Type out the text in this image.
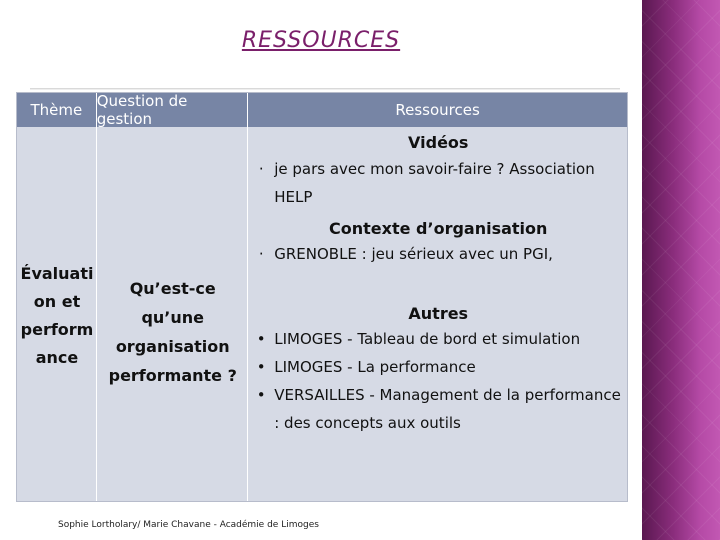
RESSOURCES
Thème Question de gestion	Ressources
Évaluati on et perform ance
Qu’est-ce qu’une organisation performante ?
Vidéos
· je pars avec mon savoir-faire ? Association HELP
Contexte d’organisation
· GRENOBLE : jeu sérieux avec un PGI,
Autres
• LIMOGES - Tableau de bord et simulation
• LIMOGES - La performance
• VERSAILLES - Management de la performance : des concepts aux outils
Sophie Lortholary/ Marie Chavane - Académie de Limoges
